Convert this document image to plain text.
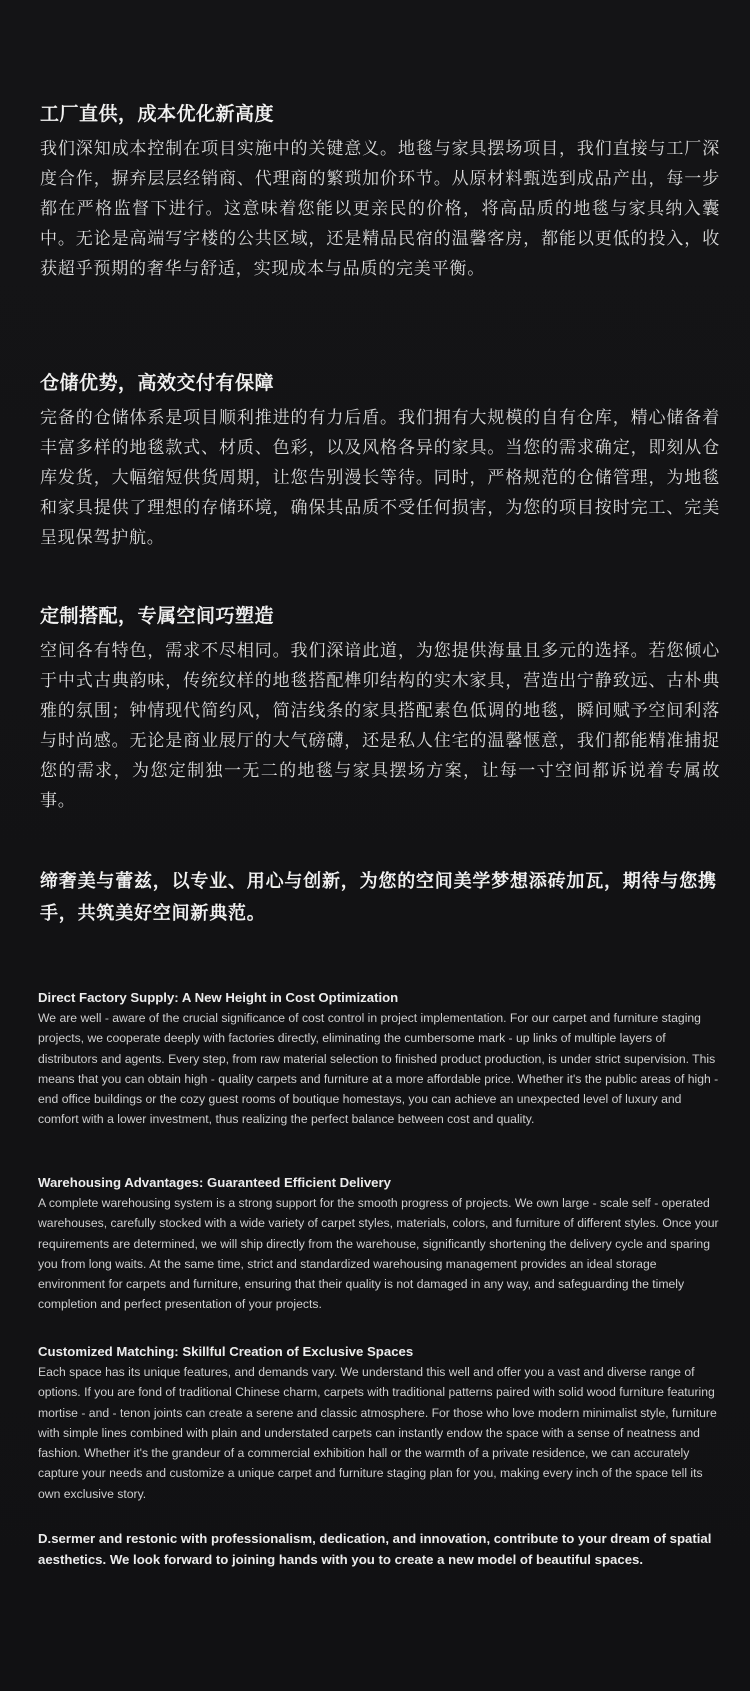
工厂直供，成本优化新高度

我们深知成本控制在项目实施中的关键意义。地毯与家具摆场项目，我们直接与工厂深度合作，摒弃层层经销商、代理商的繁琐加价环节。从原材料甄选到成品产出，每一步都在严格监督下进行。这意味着您能以更亲民的价格，将高品质的地毯与家具纳入囊中。无论是高端写字楼的公共区域，还是精品民宿的温馨客房，都能以更低的投入，收获超乎预期的奢华与舒适，实现成本与品质的完美平衡。

仓储优势，高效交付有保障

完备的仓储体系是项目顺利推进的有力后盾。我们拥有大规模的自有仓库，精心储备着丰富多样的地毯款式、材质、色彩，以及风格各异的家具。当您的需求确定，即刻从仓库发货，大幅缩短供货周期，让您告别漫长等待。同时，严格规范的仓储管理，为地毯和家具提供了理想的存储环境，确保其品质不受任何损害，为您的项目按时完工、完美呈现保驾护航。

定制搭配，专属空间巧塑造

空间各有特色，需求不尽相同。我们深谙此道，为您提供海量且多元的选择。若您倾心于中式古典韵味，传统纹样的地毯搭配榫卯结构的实木家具，营造出宁静致远、古朴典雅的氛围；钟情现代简约风，简洁线条的家具搭配素色低调的地毯，瞬间赋予空间利落与时尚感。无论是商业展厅的大气磅礴，还是私人住宅的温馨惬意，我们都能精准捕捉您的需求，为您定制独一无二的地毯与家具摆场方案，让每一寸空间都诉说着专属故事。

缔奢美与蕾兹，以专业、用心与创新，为您的空间美学梦想添砖加瓦，期待与您携手，共筑美好空间新典范。

Direct Factory Supply: A New Height in Cost Optimization

We are well - aware of the crucial significance of cost control in project implementation. For our carpet and furniture staging projects, we cooperate deeply with factories directly, eliminating the cumbersome mark - up links of multiple layers of distributors and agents. Every step, from raw material selection to finished product production, is under strict supervision. This means that you can obtain high - quality carpets and furniture at a more affordable price. Whether it's the public areas of high - end office buildings or the cozy guest rooms of boutique homestays, you can achieve an unexpected level of luxury and comfort with a lower investment, thus realizing the perfect balance between cost and quality.

Warehousing Advantages: Guaranteed Efficient Delivery

A complete warehousing system is a strong support for the smooth progress of projects. We own large - scale self - operated warehouses, carefully stocked with a wide variety of carpet styles, materials, colors, and furniture of different styles. Once your requirements are determined, we will ship directly from the warehouse, significantly shortening the delivery cycle and sparing you from long waits. At the same time, strict and standardized warehousing management provides an ideal storage environment for carpets and furniture, ensuring that their quality is not damaged in any way, and safeguarding the timely completion and perfect presentation of your projects.

Customized Matching: Skillful Creation of Exclusive Spaces

Each space has its unique features, and demands vary. We understand this well and offer you a vast and diverse range of options. If you are fond of traditional Chinese charm, carpets with traditional patterns paired with solid wood furniture featuring mortise - and - tenon joints can create a serene and classic atmosphere. For those who love modern minimalist style, furniture with simple lines combined with plain and understated carpets can instantly endow the space with a sense of neatness and fashion. Whether it's the grandeur of a commercial exhibition hall or the warmth of a private residence, we can accurately capture your needs and customize a unique carpet and furniture staging plan for you, making every inch of the space tell its own exclusive story.

D.sermer and restonic with professionalism, dedication, and innovation, contribute to your dream of spatial aesthetics. We look forward to joining hands with you to create a new model of beautiful spaces.
